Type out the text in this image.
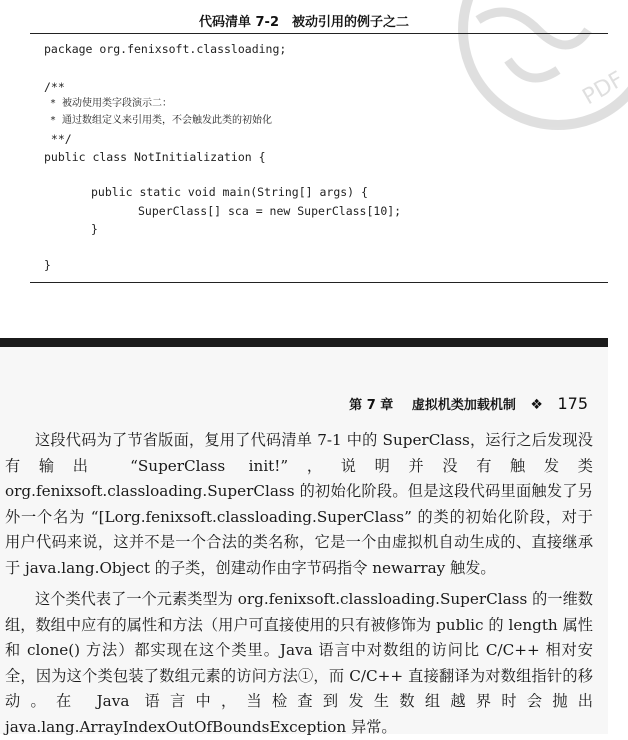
PDF
代码清单 7-2　被动引用的例子之二
package org.fenixsoft.classloading;
/**
* 被动使用类字段演示二：
* 通过数组定义来引用类，不会触发此类的初始化
**/
public class NotInitialization {
public static void main(String[] args) {
SuperClass[] sca = new SuperClass[10];
}
}
第 7 章 虚拟机类加载机制 ❖ 175

这段代码为了节省版面，复用了代码清单 7-1 中的 SuperClass，运行之后发现没有输出 “SuperClass init!”，说明并没有触发类 org.fenixsoft.classloading.SuperClass 的初始化阶段。但是这段代码里面触发了另外一个名为 “[Lorg.fenixsoft.classloading.SuperClass” 的类的初始化阶段，对于用户代码来说，这并不是一个合法的类名称，它是一个由虚拟机自动生成的、直接继承于 java.lang.Object 的子类，创建动作由字节码指令 newarray 触发。

这个类代表了一个元素类型为 org.fenixsoft.classloading.SuperClass 的一维数组，数组中应有的属性和方法（用户可直接使用的只有被修饰为 public 的 length 属性和 clone() 方法）都实现在这个类里。Java 语言中对数组的访问比 C/C++ 相对安全，因为这个类包装了数组元素的访问方法①，而 C/C++ 直接翻译为对数组指针的移动。在 Java 语言中，当检查到发生数组越界时会抛出 java.lang.ArrayIndexOutOfBoundsException 异常。
